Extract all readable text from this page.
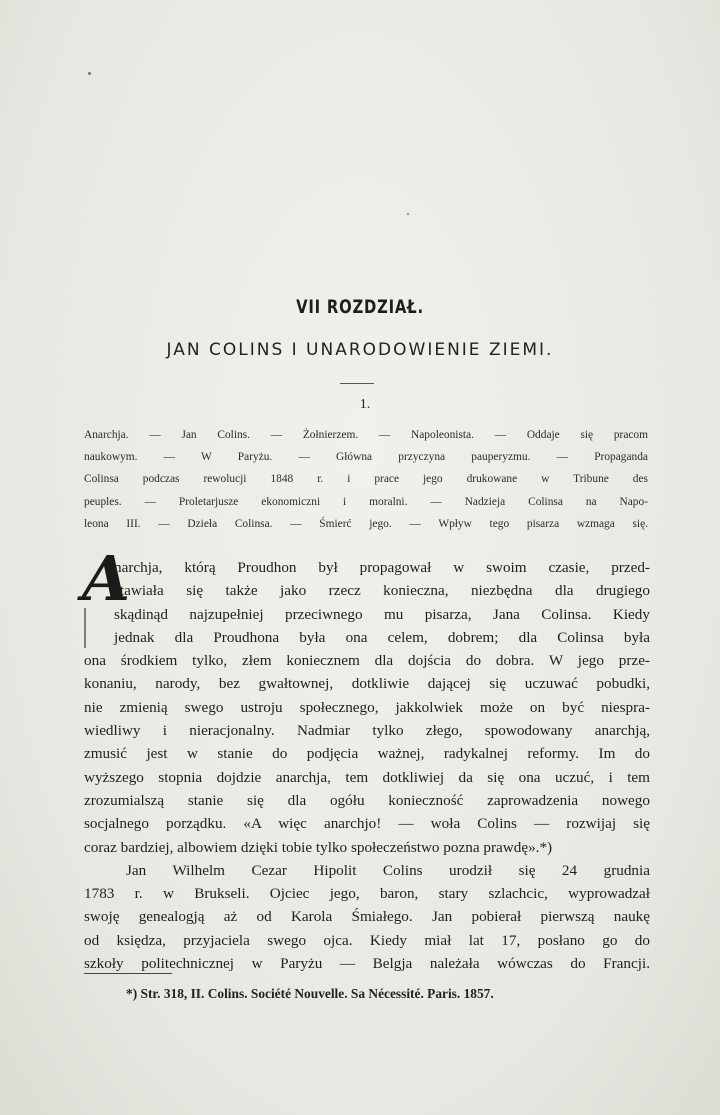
VII ROZDZIAŁ.
JAN COLINS I UNARODOWIENIE ZIEMI.
1.
Anarchja. — Jan Colins. — Żołnierzem. — Napoleonista. — Oddaje się pracom
naukowym. — W Paryżu. — Główna przyczyna pauperyzmu. — Propaganda
Colinsa podczas rewolucji 1848 r. i prace jego drukowane w Tribune des
peuples. — Proletarjusze ekonomiczni i moralni. — Nadzieja Colinsa na Napo-
leona III. — Dzieła Colinsa. — Śmierć jego. — Wpływ tego pisarza wzmaga się.
A
narchja, którą Proudhon był propagował w swoim czasie, przed-
stawiała się także jako rzecz konieczna, niezbędna dla drugiego
skądinąd najzupełniej przeciwnego mu pisarza, Jana Colinsa. Kiedy
jednak dla Proudhona była ona celem, dobrem; dla Colinsa była
ona środkiem tylko, złem koniecznem dla dojścia do dobra. W jego prze-
konaniu, narody, bez gwałtownej, dotkliwie dającej się uczuwać pobudki,
nie zmienią swego ustroju społecznego, jakkolwiek może on być niespra-
wiedliwy i nieracjonalny. Nadmiar tylko złego, spowodowany anarchją,
zmusić jest w stanie do podjęcia ważnej, radykalnej reformy. Im do
wyższego stopnia dojdzie anarchja, tem dotkliwiej da się ona uczuć, i tem
zrozumialszą stanie się dla ogółu konieczność zaprowadzenia nowego
socjalnego porządku. «A więc anarchjo! — woła Colins — rozwijaj się
coraz bardziej, albowiem dzięki tobie tylko społeczeństwo pozna prawdę».*)
Jan Wilhelm Cezar Hipolit Colins urodził się 24 grudnia
1783 r. w Brukseli. Ojciec jego, baron, stary szlachcic, wyprowadzał
swoję genealogją aż od Karola Śmiałego. Jan pobierał pierwszą naukę
od księdza, przyjaciela swego ojca. Kiedy miał lat 17, posłano go do
szkoły politechnicznej w Paryżu — Belgja należała wówczas do Francji.
*) Str. 318, II. Colins. Société Nouvelle. Sa Nécessité. Paris. 1857.
